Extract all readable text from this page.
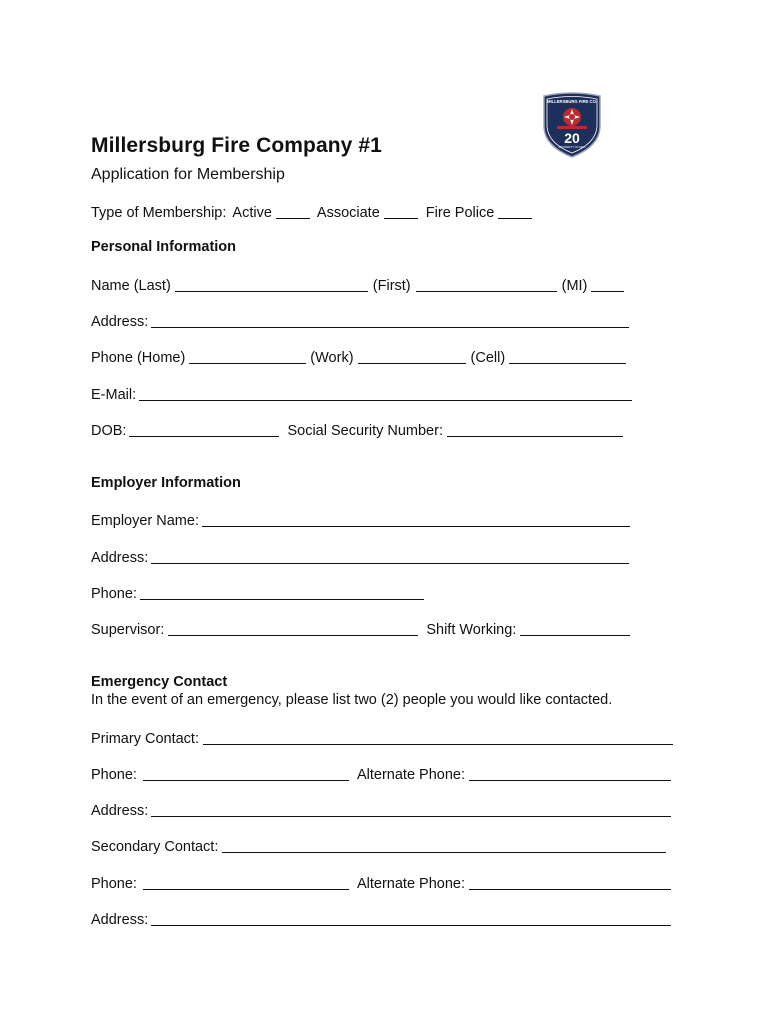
MILLERSBURG FIRE CO.
20
PROPERTY OF MFC
Millersburg Fire Company #1
Application for Membership
Type of Membership: Active	Associate	Fire Police
Personal Information
Name (Last)	(First)	(MI)
Address:
Phone (Home)	(Work)	(Cell)
E-Mail:
DOB:	Social Security Number:
Employer Information
Employer Name:
Address:
Phone:
Supervisor:	Shift Working:
Emergency Contact
In the event of an emergency, please list two (2) people you would like contacted.
Primary Contact:
Phone:	Alternate Phone:
Address:
Secondary Contact:
Phone:	Alternate Phone:
Address:
